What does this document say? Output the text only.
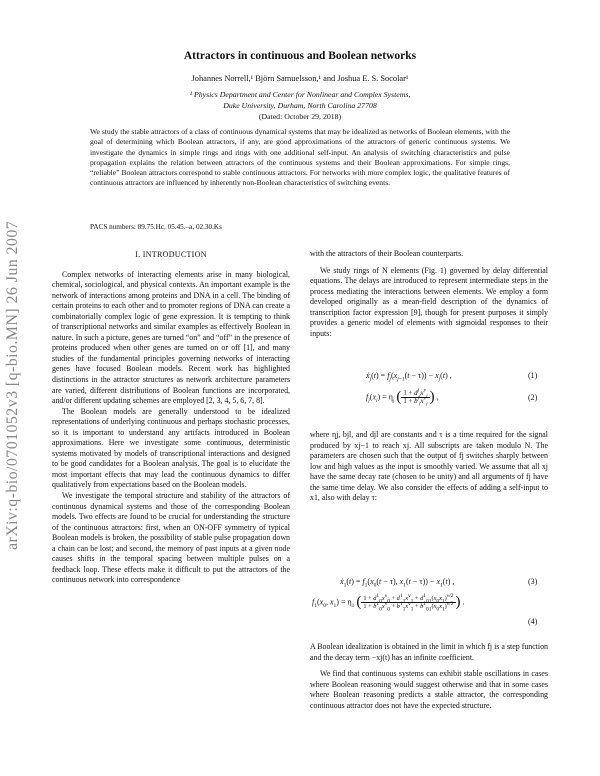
arXiv:q-bio/0701052v3 [q-bio.MN] 26 Jun 2007
Attractors in continuous and Boolean networks
Johannes Norrell,¹ Björn Samuelsson,¹ and Joshua E. S. Socolar¹
¹ Physics Department and Center for Nonlinear and Complex Systems,
Duke University, Durham, North Carolina 27708
(Dated: October 29, 2018)
We study the stable attractors of a class of continuous dynamical systems that may be idealized as networks of Boolean elements, with the goal of determining which Boolean attractors, if any, are good approximations of the attractors of generic continuous systems. We investigate the dynamics in simple rings and rings with one additional self-input. An analysis of switching characteristics and pulse propagation explains the relation between attractors of the continuous systems and their Boolean approximations. For simple rings, “reliable” Boolean attractors correspond to stable continuous attractors. For networks with more complex logic, the qualitative features of continuous attractors are influenced by inherently non-Boolean characteristics of switching events.
PACS numbers: 89.75.Hc, 05.45.–a, 02.30.Ks
I. INTRODUCTION

Complex networks of interacting elements arise in many biological, chemical, sociological, and physical contexts. An important example is the network of interactions among proteins and DNA in a cell. The binding of certain proteins to each other and to promoter regions of DNA can create a combinatorially complex logic of gene expression. It is tempting to think of transcriptional networks and similar examples as effectively Boolean in nature. In such a picture, genes are turned “on” and “off” in the presence of proteins produced when other genes are turned on or off [1], and many studies of the fundamental principles governing networks of interacting genes have focused Boolean models. Recent work has highlighted distinctions in the attractor structures as network architecture parameters are varied, different distributions of Boolean functions are incorporated, and/or different updating schemes are employed [2, 3, 4, 5, 6, 7, 8].

The Boolean models are generally understood to be idealized representations of underlying continuous and perhaps stochastic processes, so it is important to understand any artifacts introduced in Boolean approximations. Here we investigate some continuous, deterministic systems motivated by models of transcriptional interactions and designed to be good candidates for a Boolean analysis. The goal is to elucidate the most important effects that may lead the continuous dynamics to differ qualitatively from expectations based on the Boolean models.

We investigate the temporal structure and stability of the attractors of continuous dynamical systems and those of the corresponding Boolean models. Two effects are found to be crucial for understanding the structure of the continuous attractors: first, when an ON-OFF symmetry of typical Boolean models is broken, the possibility of stable pulse propagation down a chain can be lost; and second, the memory of past inputs at a given node causes shifts in the temporal spacing between multiple pulses on a feedback loop. These effects make it difficult to put the attractors of the continuous network into correspondence

with the attractors of their Boolean counterparts.

We study rings of N elements (Fig. 1) governed by delay differential equations. The delays are introduced to represent intermediate steps in the process mediating the interactions between elements. We employ a form developed originally as a mean-field description of the dynamics of transcription factor expression [9], though for present purposes it simply provides a generic model of elements with sigmoidal responses to their inputs:

$ẋ_j(t) = f_j(x_{j-1}(t - \tau)) - x_j(t)$ ,	(1)
$f_j(x_i) = \eta_j$ ( $\frac{1 + d^j_ix^\nu_i}{1 + b^j_ix^\nu_i}$ ) ,	(2)

where ηj, bjl, and djl are constants and τ is a time required for the signal produced by xj−1 to reach xj. All subscripts are taken modulo N. The parameters are chosen such that the output of fj switches sharply between low and high values as the input is smoothly varied. We assume that all xj have the same decay rate (chosen to be unity) and all arguments of fj have the same time delay. We also consider the effects of adding a self-input to x1, also with delay τ:

$ẋ_1(t) = f_1(x_0(t - \tau)$, $x_1(t - \tau)) - x_1(t)$ ,	(3)
$f_1(x_0$, $x_1) = \eta_1$ ( $\frac{1 + d^1_0x^\nu_0 + d^1_1x^\nu_1 + d^1_{01}(x_0x_1)^{\nu/2}}{1 + b^1_0x^\nu_0 + b^1_1x^\nu_1 + b^1_{01}(x_0x_1)^{\nu/2}}$ ) .
(4)

A Boolean idealization is obtained in the limit in which fj is a step function and the decay term −xj(t) has an infinite coefficient.

We find that continuous systems can exhibit stable oscillations in cases where Boolean reasoning would suggest otherwise and that in some cases where Boolean reasoning predicts a stable attractor, the corresponding continuous attractor does not have the expected structure.
